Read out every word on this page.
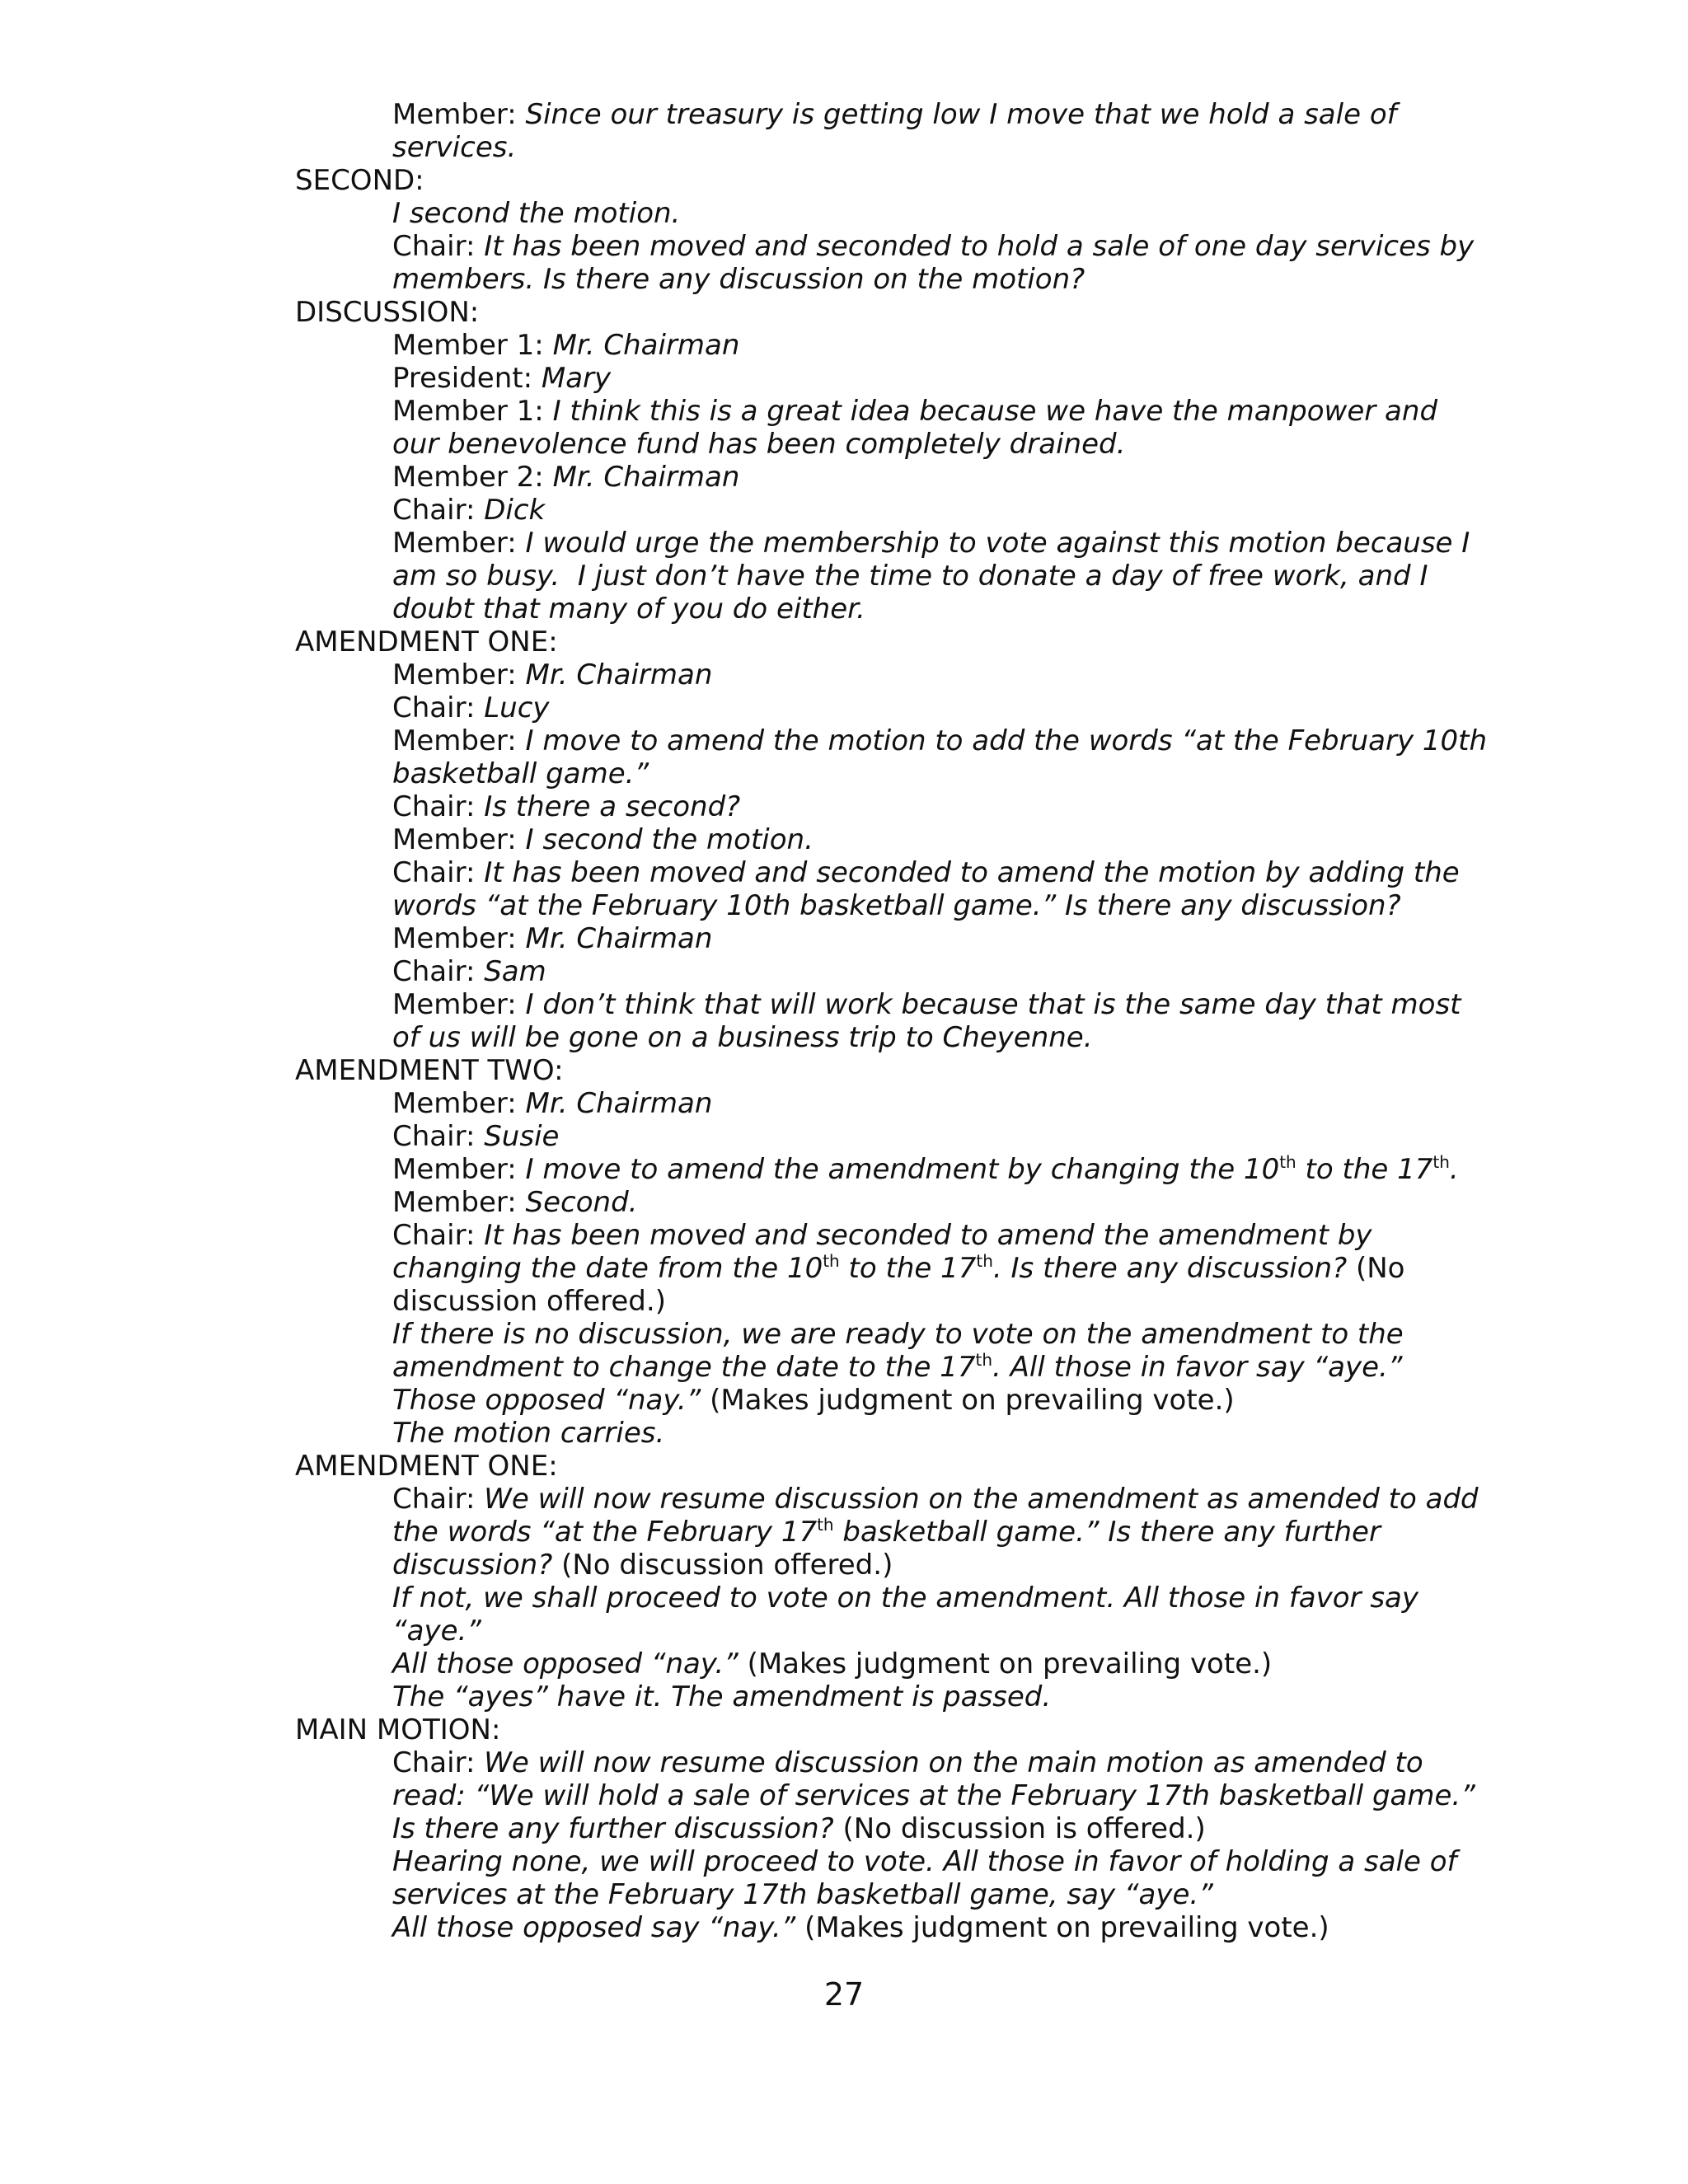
Member: Since our treasury is getting low I move that we hold a sale of
services.
SECOND:
I second the motion.
Chair: It has been moved and seconded to hold a sale of one day services by
members. Is there any discussion on the motion?
DISCUSSION:
Member 1: Mr. Chairman
President: Mary
Member 1: I think this is a great idea because we have the manpower and
our benevolence fund has been completely drained.
Member 2: Mr. Chairman
Chair: Dick
Member: I would urge the membership to vote against this motion because I
am so busy.  I just don’t have the time to donate a day of free work, and I
doubt that many of you do either.
AMENDMENT ONE:
Member: Mr. Chairman
Chair: Lucy
Member: I move to amend the motion to add the words “at the February 10th
basketball game.”
Chair: Is there a second?
Member: I second the motion.
Chair: It has been moved and seconded to amend the motion by adding the
words “at the February 10th basketball game.” Is there any discussion?
Member: Mr. Chairman
Chair: Sam
Member: I don’t think that will work because that is the same day that most
of us will be gone on a business trip to Cheyenne.
AMENDMENT TWO:
Member: Mr. Chairman
Chair: Susie
Member: I move to amend the amendment by changing the 10th to the 17th.
Member: Second.
Chair: It has been moved and seconded to amend the amendment by
changing the date from the 10th to the 17th. Is there any discussion? (No
discussion offered.)
If there is no discussion, we are ready to vote on the amendment to the
amendment to change the date to the 17th. All those in favor say “aye.”
Those opposed “nay.” (Makes judgment on prevailing vote.)
The motion carries.
AMENDMENT ONE:
Chair: We will now resume discussion on the amendment as amended to add
the words “at the February 17th basketball game.” Is there any further
discussion? (No discussion offered.)
If not, we shall proceed to vote on the amendment. All those in favor say
“aye.”
All those opposed “nay.” (Makes judgment on prevailing vote.)
The “ayes” have it. The amendment is passed.
MAIN MOTION:
Chair: We will now resume discussion on the main motion as amended to
read: “We will hold a sale of services at the February 17th basketball game.”
Is there any further discussion? (No discussion is offered.)
Hearing none, we will proceed to vote. All those in favor of holding a sale of
services at the February 17th basketball game, say “aye.”
All those opposed say “nay.” (Makes judgment on prevailing vote.)
27
